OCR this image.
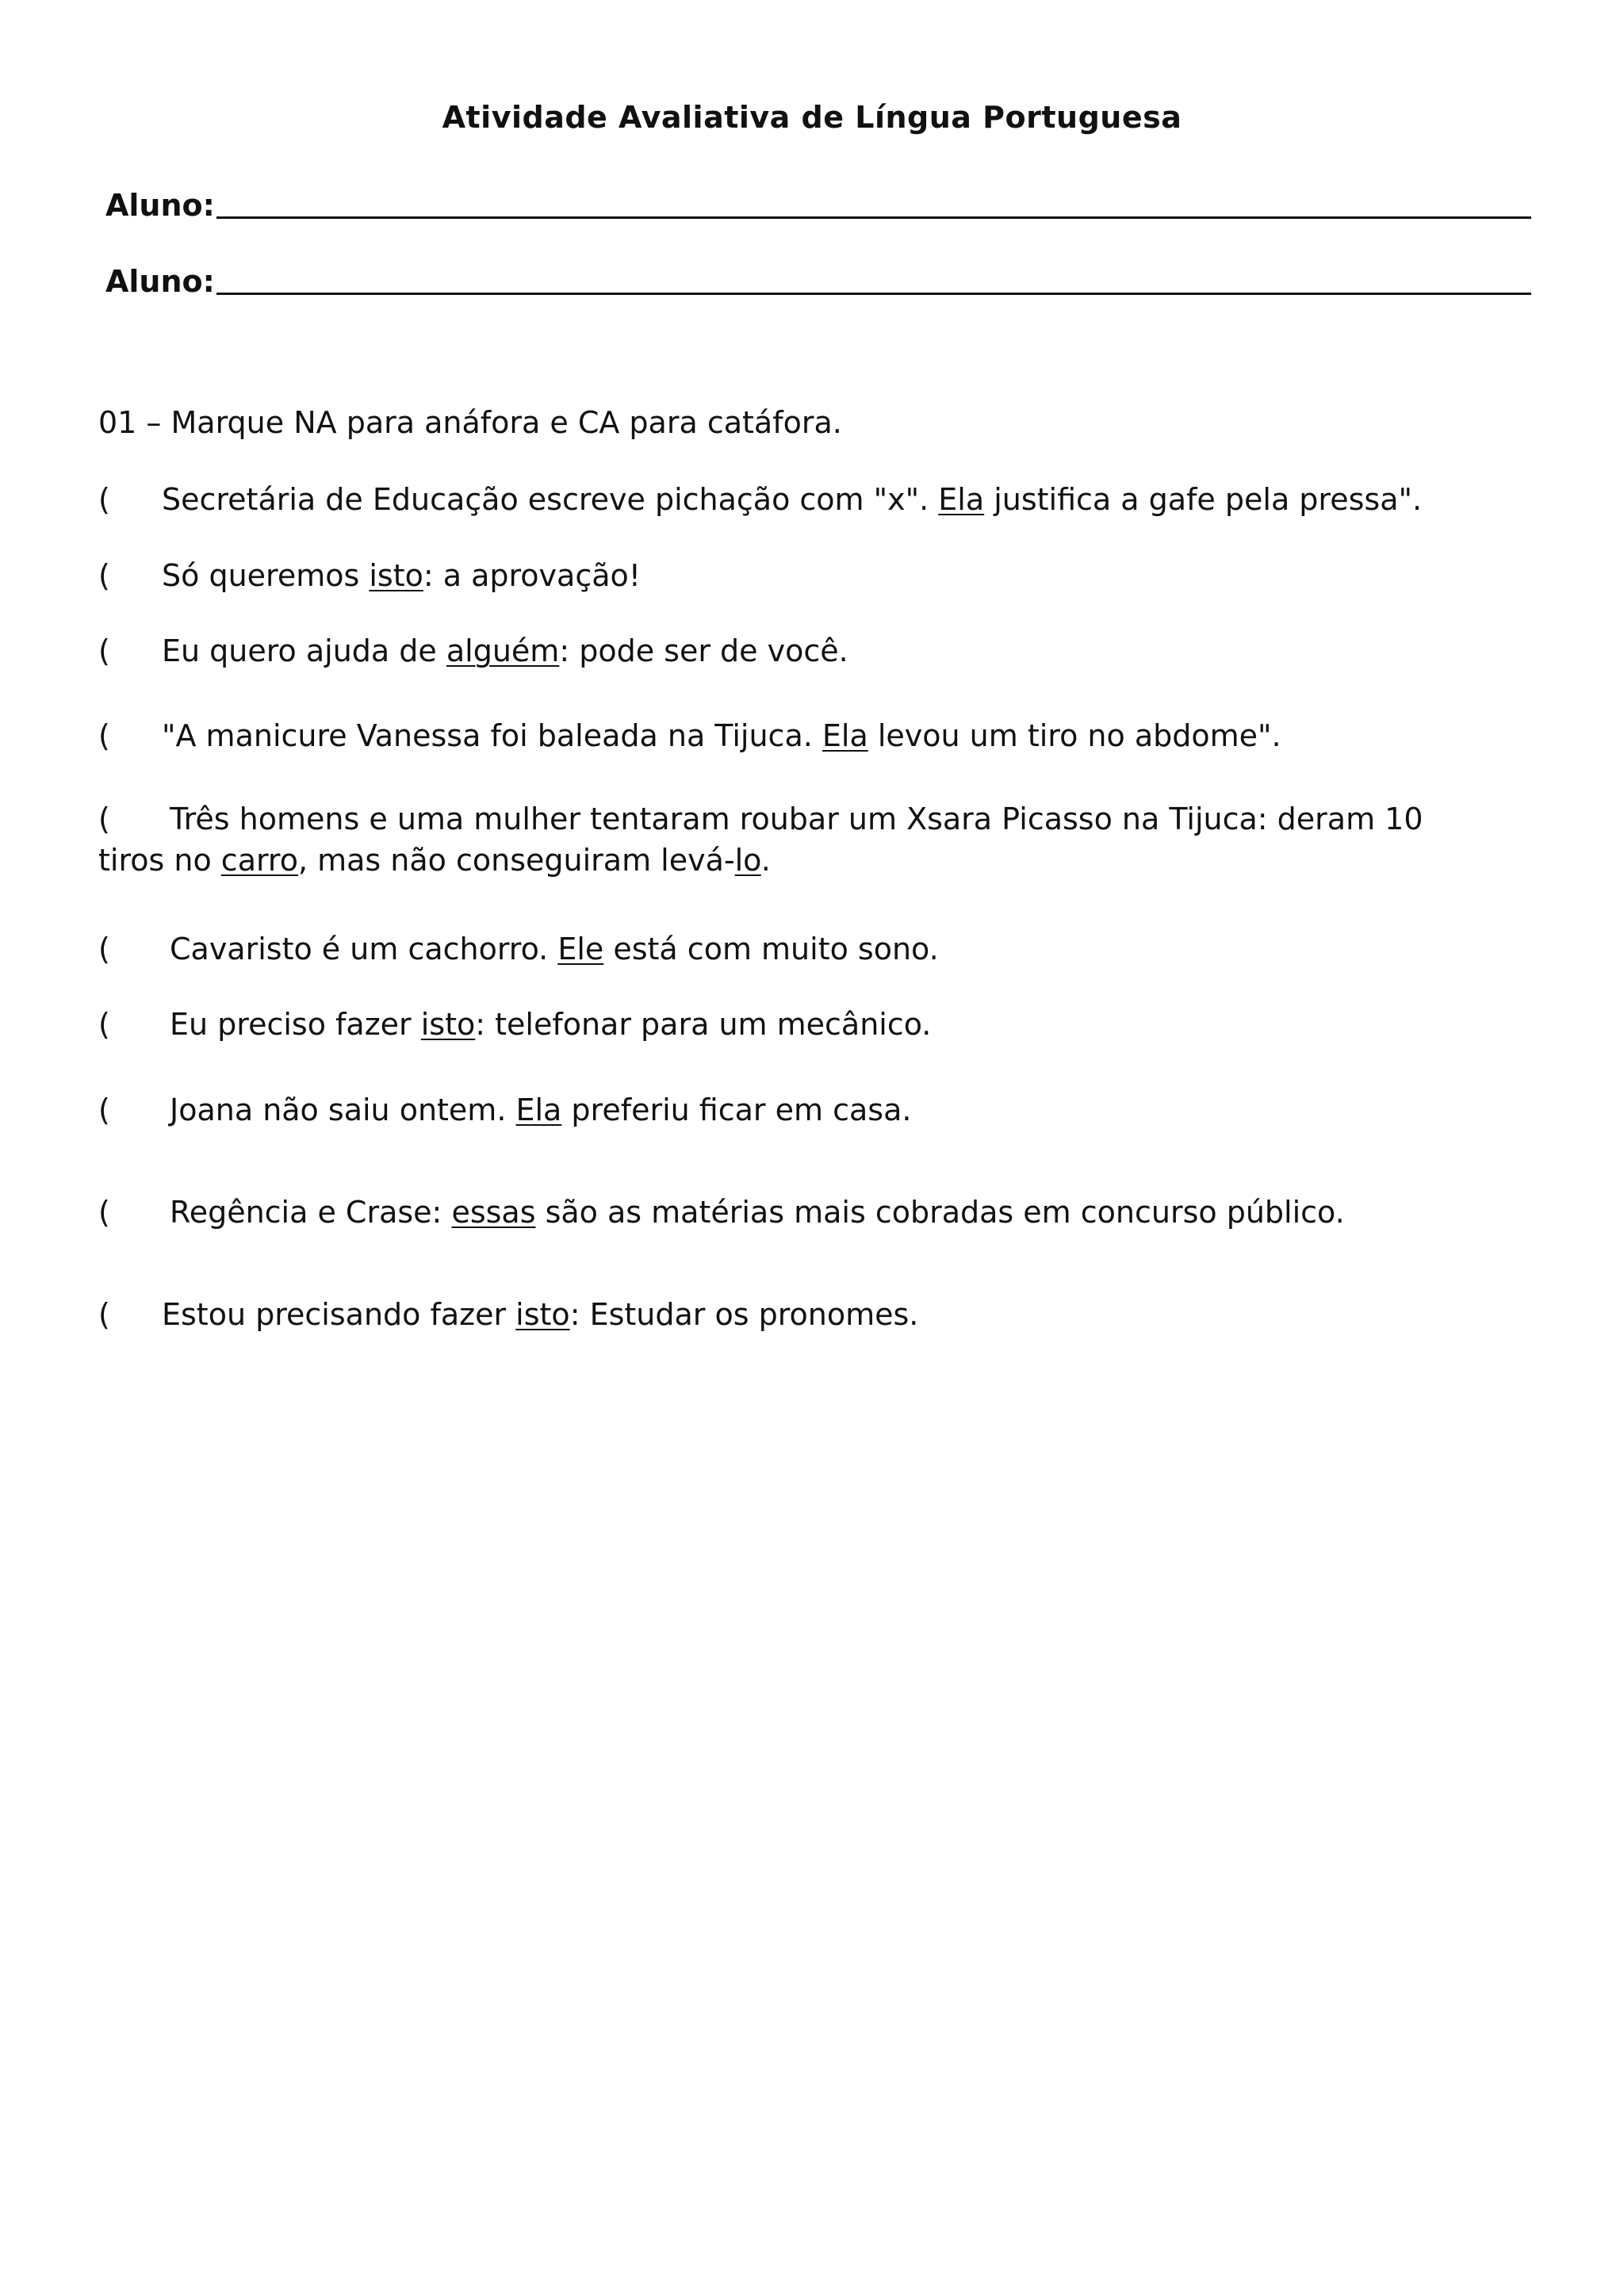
Atividade Avaliativa de Língua Portuguesa
Aluno:
Aluno:
01 – Marque NA para anáfora e CA para catáfora.
( Secretária de Educação escreve pichação com "x". Ela justifica a gafe pela pressa".
( Só queremos isto: a aprovação!
( Eu quero ajuda de alguém: pode ser de você.
( "A manicure Vanessa foi baleada na Tijuca. Ela levou um tiro no abdome".
( Três homens e uma mulher tentaram roubar um Xsara Picasso na Tijuca: deram 10 tiros no carro, mas não conseguiram levá-lo.
( Cavaristo é um cachorro. Ele está com muito sono.
( Eu preciso fazer isto: telefonar para um mecânico.
( Joana não saiu ontem. Ela preferiu ficar em casa.
( Regência e Crase: essas são as matérias mais cobradas em concurso público.
( Estou precisando fazer isto: Estudar os pronomes.
